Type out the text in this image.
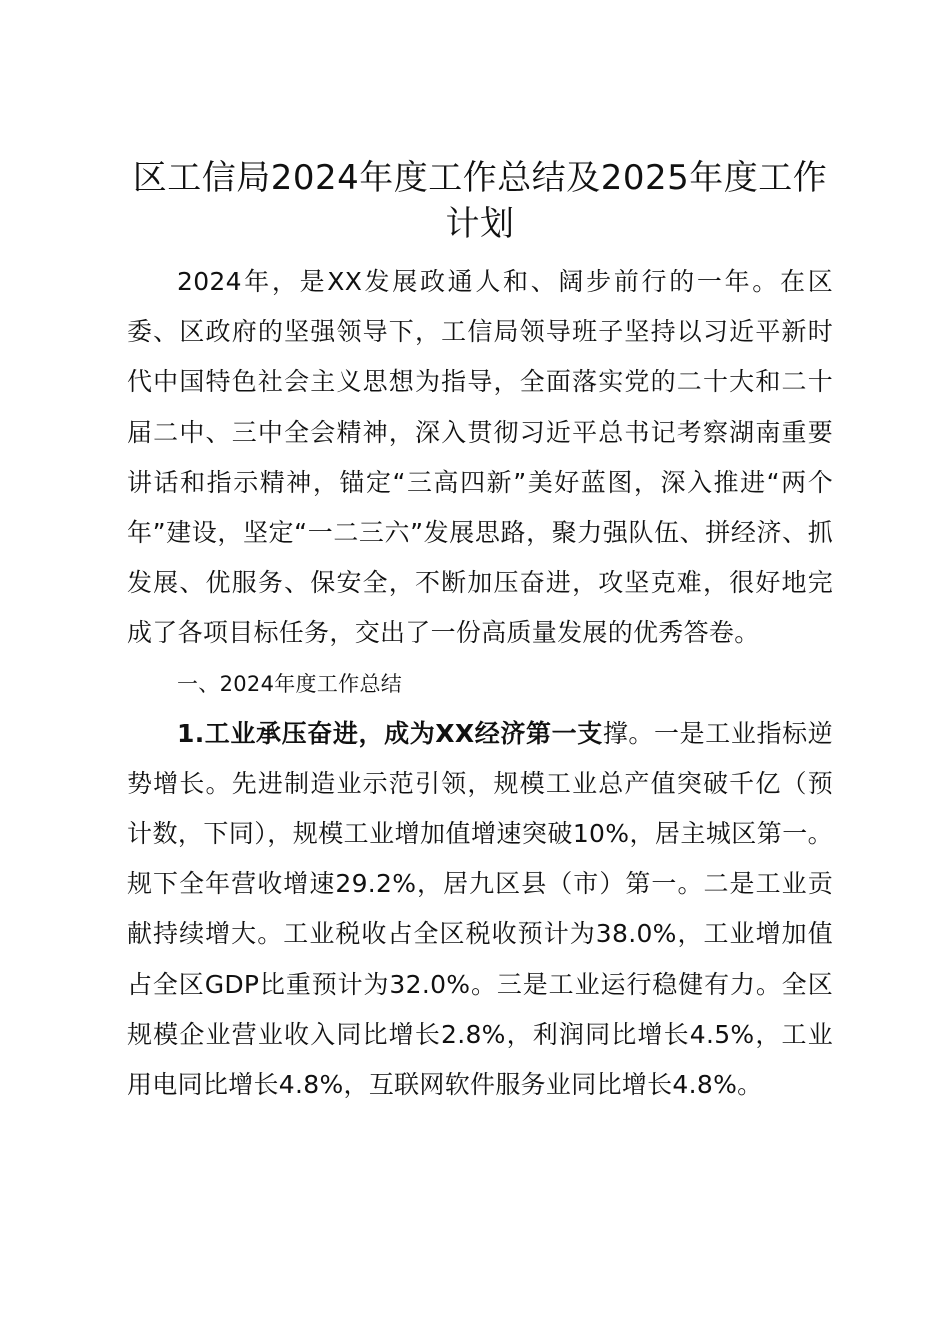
区工信局2024年度工作总结及2025年度工作计划

2024年，是XX发展政通人和、阔步前行的一年。在区委、区政府的坚强领导下，工信局领导班子坚持以习近平新时代中国特色社会主义思想为指导，全面落实党的二十大和二十届二中、三中全会精神，深入贯彻习近平总书记考察湖南重要讲话和指示精神，锚定“三高四新”美好蓝图，深入推进“两个年”建设，坚定“一二三六”发展思路，聚力强队伍、拼经济、抓发展、优服务、保安全，不断加压奋进，攻坚克难，很好地完成了各项目标任务，交出了一份高质量发展的优秀答卷。

一、2024年度工作总结

1.工业承压奋进，成为XX经济第一支撑。一是工业指标逆势增长。先进制造业示范引领，规模工业总产值突破千亿（预计数，下同），规模工业增加值增速突破10%，居主城区第一。规下全年营收增速29.2%，居九区县（市）第一。二是工业贡献持续增大。工业税收占全区税收预计为38.0%，工业增加值占全区GDP比重预计为32.0%。三是工业运行稳健有力。全区规模企业营业收入同比增长2.8%，利润同比增长4.5%，工业用电同比增长4.8%，互联网软件服务业同比增长4.8%。
